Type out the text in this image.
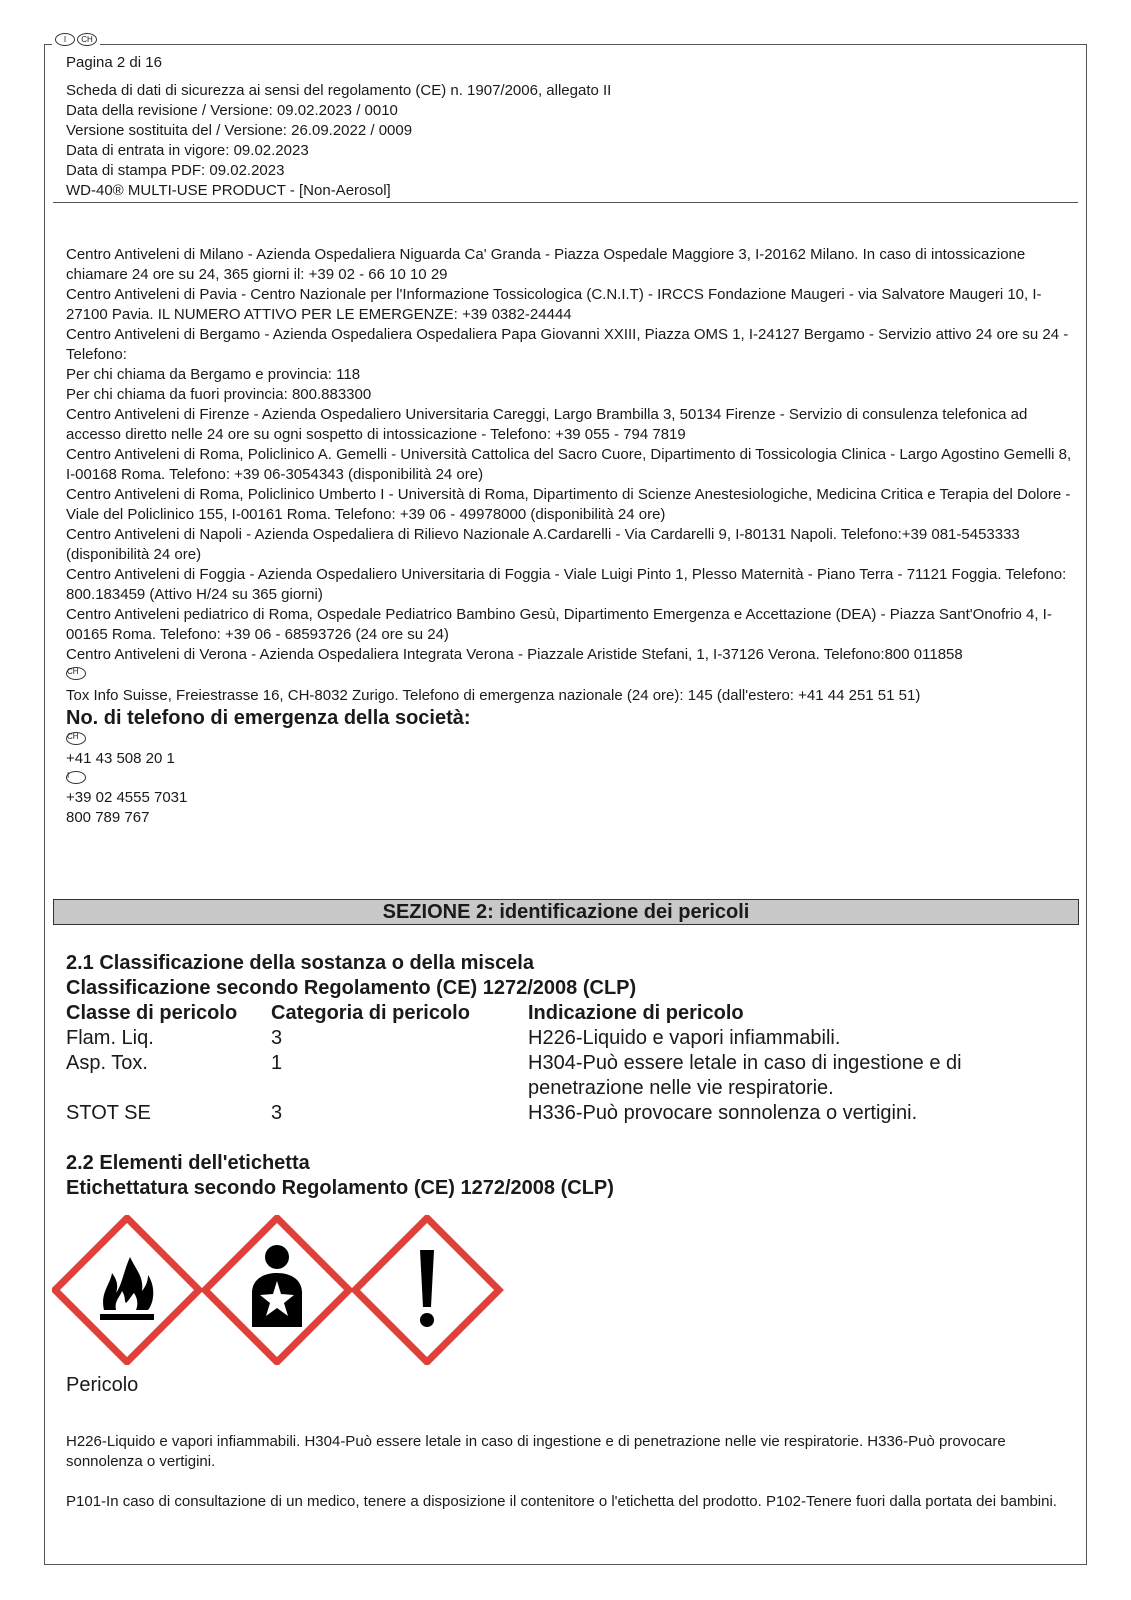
I	CH
Pagina 2 di 16
Scheda di dati di sicurezza ai sensi del regolamento (CE) n. 1907/2006, allegato II
Data della revisione / Versione: 09.02.2023 / 0010
Versione sostituita del / Versione: 26.09.2022 / 0009
Data di entrata in vigore: 09.02.2023
Data di stampa PDF: 09.02.2023
WD-40® MULTI-USE PRODUCT - [Non-Aerosol]

Centro Antiveleni di Milano - Azienda Ospedaliera Niguarda Ca' Granda - Piazza Ospedale Maggiore 3, I-20162 Milano. In caso di intossicazione chiamare 24 ore su 24, 365 giorni il: +39 02 - 66 10 10 29

Centro Antiveleni di Pavia - Centro Nazionale per l'Informazione Tossicologica (C.N.I.T) - IRCCS Fondazione Maugeri - via Salvatore Maugeri 10, I-27100 Pavia. IL NUMERO ATTIVO PER LE EMERGENZE: +39 0382-24444

Centro Antiveleni di Bergamo - Azienda Ospedaliera Ospedaliera Papa Giovanni XXIII, Piazza OMS 1, I-24127 Bergamo - Servizio attivo 24 ore su 24 - Telefono:

Per chi chiama da Bergamo e provincia: 118

Per chi chiama da fuori provincia: 800.883300

Centro Antiveleni di Firenze - Azienda Ospedaliero Universitaria Careggi, Largo Brambilla 3, 50134 Firenze - Servizio di consulenza telefonica ad accesso diretto nelle 24 ore su ogni sospetto di intossicazione - Telefono: +39 055 - 794 7819

Centro Antiveleni di Roma, Policlinico A. Gemelli - Università Cattolica del Sacro Cuore, Dipartimento di Tossicologia Clinica - Largo Agostino Gemelli 8, I-00168 Roma. Telefono: +39 06-3054343 (disponibilità 24 ore)

Centro Antiveleni di Roma, Policlinico Umberto I - Università di Roma, Dipartimento di Scienze Anestesiologiche, Medicina Critica e Terapia del Dolore - Viale del Policlinico 155, I-00161 Roma. Telefono: +39 06 - 49978000 (disponibilità 24 ore)

Centro Antiveleni di Napoli - Azienda Ospedaliera di Rilievo Nazionale A.Cardarelli - Via Cardarelli 9, I-80131 Napoli. Telefono:+39 081-5453333 (disponibilità 24 ore)

Centro Antiveleni di Foggia - Azienda Ospedaliero Universitaria di Foggia - Viale Luigi Pinto 1, Plesso Maternità - Piano Terra - 71121 Foggia. Telefono: 800.183459 (Attivo H/24 su 365 giorni)

Centro Antiveleni pediatrico di Roma, Ospedale Pediatrico Bambino Gesù, Dipartimento Emergenza e Accettazione (DEA) - Piazza Sant'Onofrio 4, I-00165 Roma. Telefono: +39 06 - 68593726 (24 ore su 24)

Centro Antiveleni di Verona - Azienda Ospedaliera Integrata Verona - Piazzale Aristide Stefani, 1, I-37126 Verona. Telefono:800 011858

CH

Tox Info Suisse, Freiestrasse 16, CH-8032 Zurigo. Telefono di emergenza nazionale (24 ore): 145 (dall'estero: +41 44 251 51 51)

No. di telefono di emergenza della società:

CH

+41 43 508 20 1

I

+39 02 4555 7031

800 789 767

SEZIONE 2: identificazione dei pericoli
2.1 Classificazione della sostanza o della miscela
Classificazione secondo Regolamento (CE) 1272/2008 (CLP)
Classe di pericolo	Categoria di pericolo	Indicazione di pericolo
Flam. Liq.	3	H226-Liquido e vapori infiammabili.
Asp. Tox.	1	H304-Può essere letale in caso di ingestione e di penetrazione nelle vie respiratorie.
STOT SE	3	H336-Può provocare sonnolenza o vertigini.
2.2 Elementi dell'etichetta
Etichettatura secondo Regolamento (CE) 1272/2008 (CLP)
Pericolo
H226-Liquido e vapori infiammabili. H304-Può essere letale in caso di ingestione e di penetrazione nelle vie respiratorie. H336-Può provocare sonnolenza o vertigini.
P101-In caso di consultazione di un medico, tenere a disposizione il contenitore o l'etichetta del prodotto. P102-Tenere fuori dalla portata dei bambini.
